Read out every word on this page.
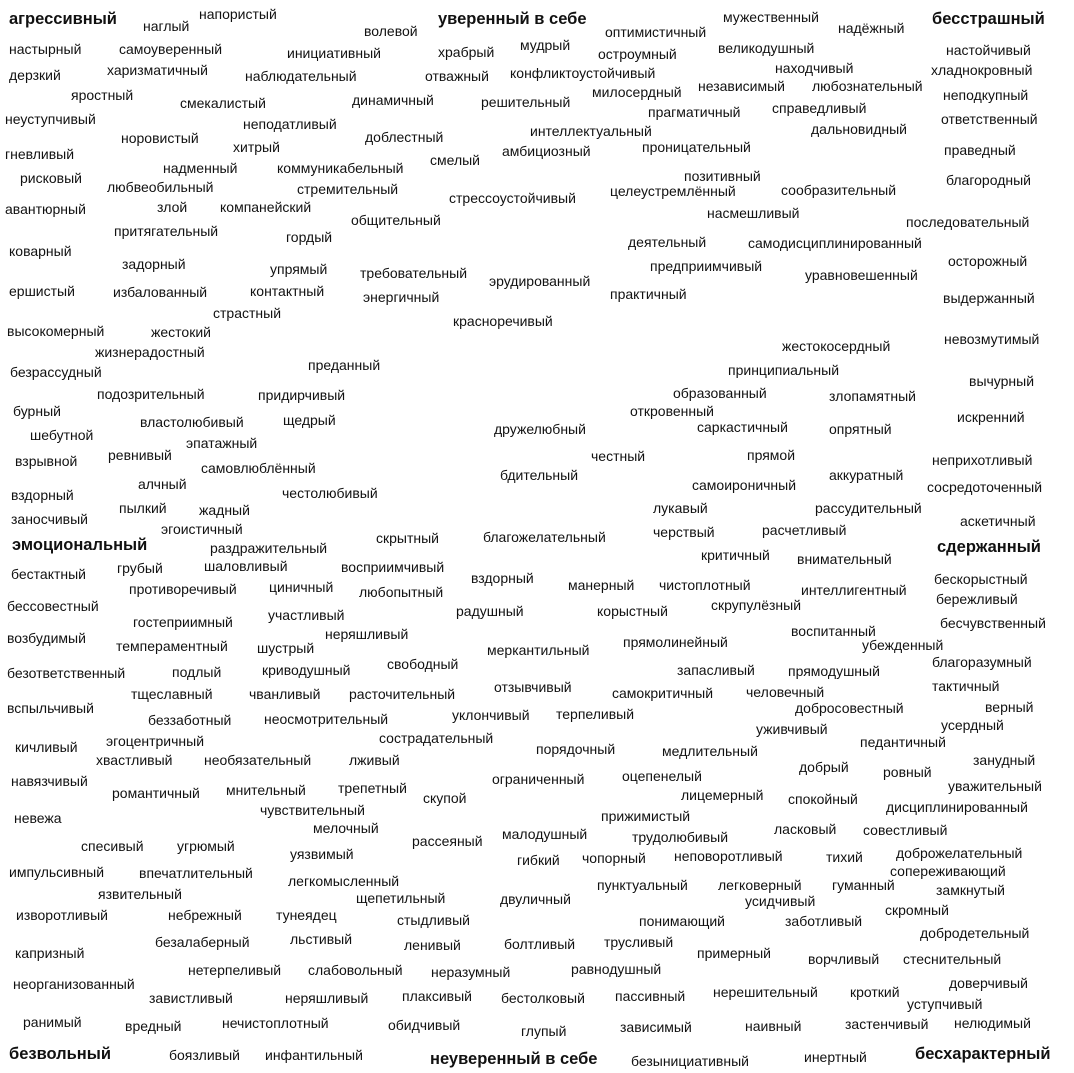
агрессивный	уверенный в себе	бесстрашный
эмоциональный	сдержанный
безвольный	неуверенный в себе	бесхарактерный
наглый
напористый
волевой	оптимистичный
мужественный
надёжный
настырный	самоуверенный	инициативный	храбрый мудрый
остроумный	великодушный	настойчивый
дерзкий	харизматичный	наблюдательный	отважный конфликтоустойчивый
независимый
находчивый
любознательный
хладнокровный
яростный	смекалистый	динамичный	решительный
милосердный
прагматичный справедливый
неподкупный
неуступчивый	неподатливый	интеллектуальный	дальновидный
ответственный
норовистый	доблестный
хитрый	амбициозный	проницательный	праведный
гневливый
надменный	коммуникабельный смелый
позитивный
рисковый
любвеобильный	стремительный	целеустремлённый	сообразительный
благородный
авантюрный	злой компанейский
стрессоустойчивый
насмешливый
общительный	последовательный
притягательный	гордый	деятельный	самодисциплинированный
коварный
задорный	упрямый требовательный	предприимчивый
уравновешенный
осторожный
ершистый	избалованный	контактный	энергичный
эрудированный
практичный	выдержанный
страстный	красноречивый
высокомерный	жестокий	невозмутимый
жизнерадостный
преданный
жестокосердный
безрассудный	принципиальный
вычурный
подозрительный	придирчивый	образованный	злопамятный
бурный
властолюбивый	щедрый
откровенный	искренний
шебутной	дружелюбный	саркастичный	опрятный
эпатажный
взрывной ревнивый	честный	прямой	неприхотливый
самовлюблённый	бдительный	аккуратный
алчный	самоироничный	сосредоточенный
вздорный	честолюбивый
пылкий жадный	лукавый	рассудительный
заносчивый	аскетичный
эгоистичный	черствый	расчетливый
скрытный	благожелательный
раздражительный	критичный внимательный
грубый	шаловливый	восприимчивый
бестактный	вздорный манерный чистоплотный	бескорыстный
противоречивый циничный любопытный	интеллигентный
бессовестный	скрупулёзный	бережливый
гостеприимный	участливый	радушный	корыстный
возбудимый	неряшливый	воспитанный	бесчувственный
темпераментный шустрый	меркантильный прямолинейный	убежденный
свободный	благоразумный
безответственный	подлый	криводушный	запасливый прямодушный
отзывчивый	тактичный
тщеславный	чванливый расточительный	самокритичный человечный
вспыльчивый	добросовестный	верный
беззаботный неосмотрительный	уклончивый терпеливый
уживчивый	усердный
кичливый эгоцентричный	сострадательный	педантичный
порядочный	медлительный
хвастливый необязательный	лживый	занудный
добрый ровный
навязчивый	ограниченный	оцепенелый
уважительный
романтичный мнительный трепетный
скупой	лицемерный спокойный дисциплинированный
чувствительный
невежа	прижимистый
мелочный	ласковый совестливый
малодушный	трудолюбивый
спесивый угрюмый	рассеяный
уязвимый	гибкий чопорный неповоротливый	тихий доброжелательный
импульсивный впечатлительный	сопереживающий
легкомысленный	пунктуальный легковерный гуманный
язвительный	замкнутый
щепетильный	двуличный	усидчивый
изворотливый	небрежный тунеядец	стыдливый
скромный
понимающий	заботливый
льстивый	добродетельный
безалаберный	трусливый
капризный	ленивый	болтливый
примерный	ворчливый стеснительный
нетерпеливый слабовольный неразумный	равнодушный
неорганизованный	доверчивый
завистливый	неряшливый плаксивый бестолковый пассивный нерешительный кроткий
уступчивый
ранимый	вредный	нечистоплотный	обидчивый	глупый	зависимый	наивный	застенчивый нелюдимый
боязливый инфантильный	безынициативный	инертный
